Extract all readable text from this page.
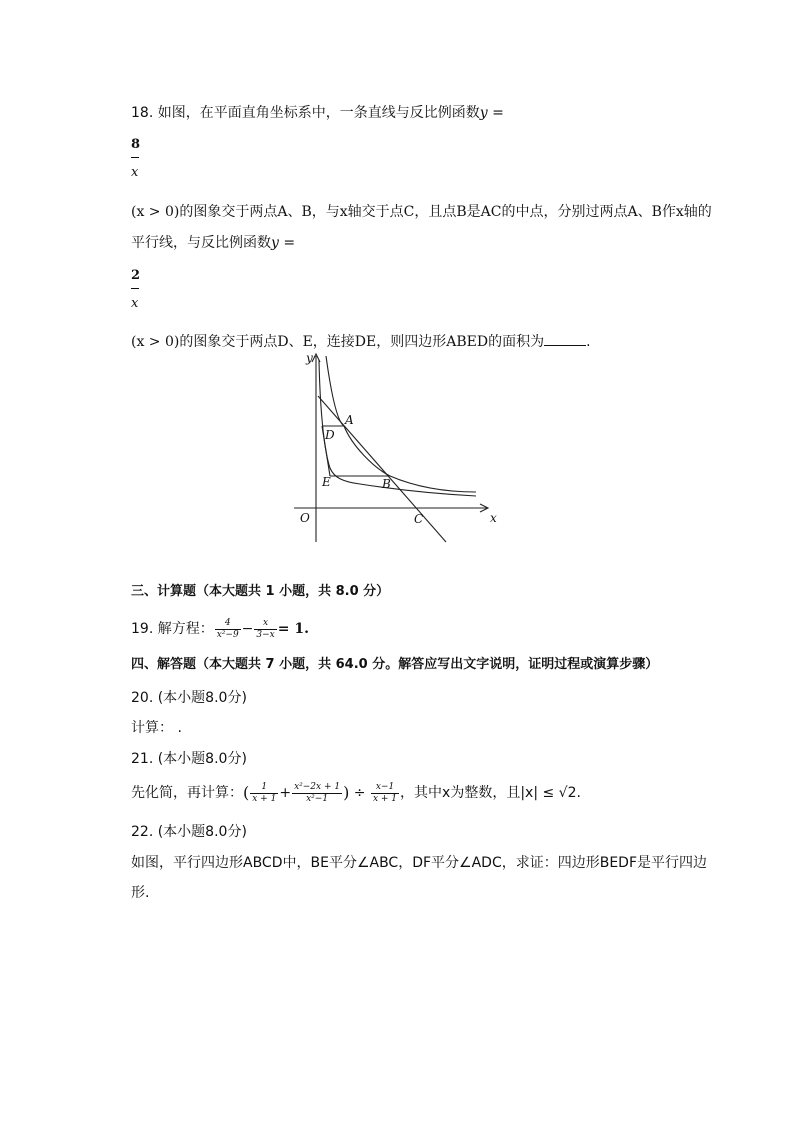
18. 如图，在平面直角坐标系中，一条直线与反比例函数y =
8
x
(x > 0)的图象交于两点A、B，与x轴交于点C，且点B是AC的中点，分别过两点A、B作x轴的
平行线，与反比例函数y =
2
x
(x > 0)的图象交于两点D、E，连接DE，则四边形ABED的面积为	.
y
x
O
A
B
C
D
E
三、计算题（本大题共 1 小题，共 8.0 分）
19. 解方程： $\frac{4}{\text{x²−9}} - \frac{x}{3-x} = 1$.
四、解答题（本大题共 7 小题，共 64.0 分。解答应写出文字说明，证明过程或演算步骤）
20. (本小题8.0分)
计算： .
21. (本小题8.0分)
先化简，再计算：( $\frac{1}{x + 1} + \frac{\text{x²−2x + 1}}{\text{x²−1}}$ ) ÷ $\frac{x-1}{x + 1}$ ，其中x为整数，且|x| ≤ √2.
22. (本小题8.0分)
如图，平行四边形ABCD中，BE平分∠ABC，DF平分∠ADC，求证：四边形BEDF是平行四边
形.
